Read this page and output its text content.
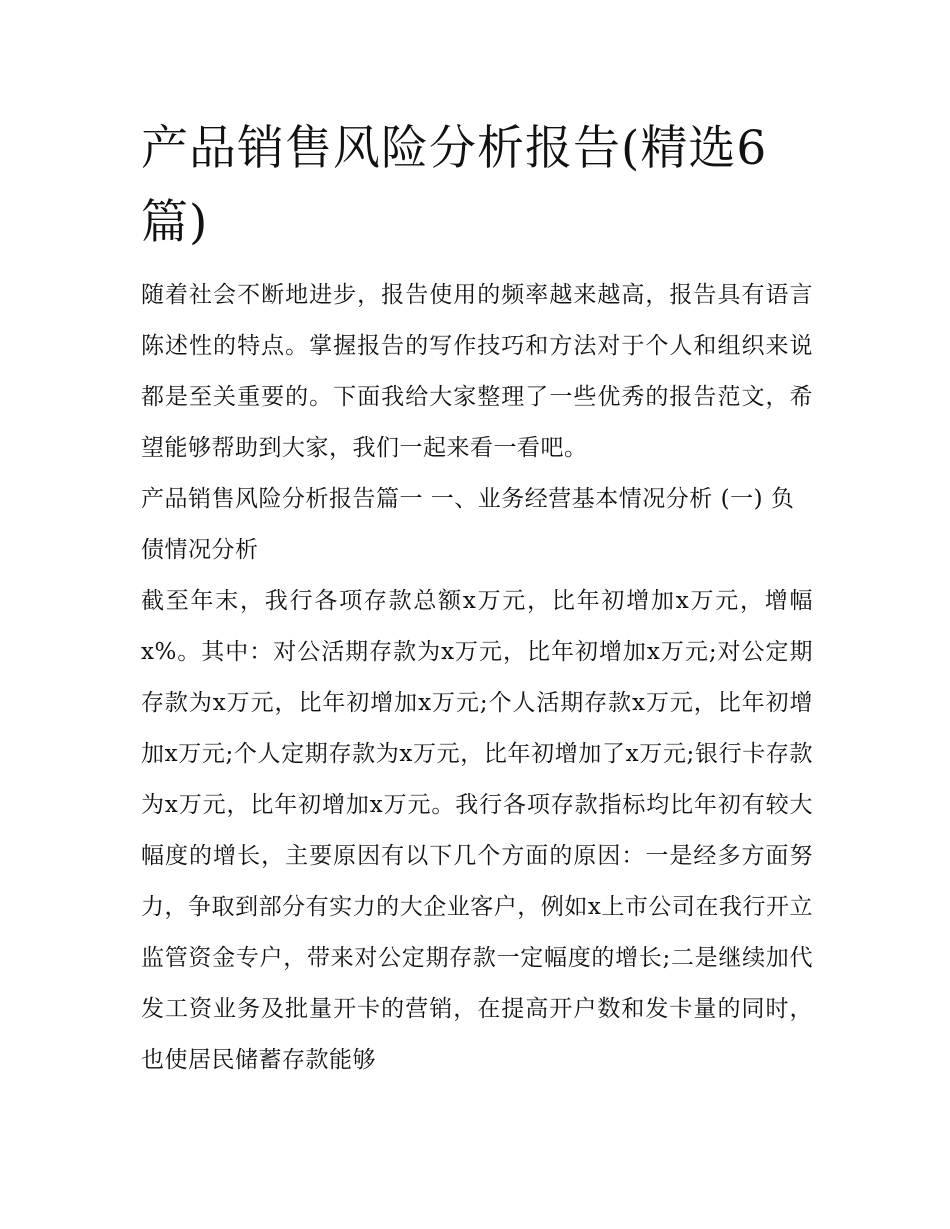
产品销售风险分析报告(精选6篇)

随着社会不断地进步，报告使用的频率越来越高，报告具有语言陈述性的特点。掌握报告的写作技巧和方法对于个人和组织来说都是至关重要的。下面我给大家整理了一些优秀的报告范文，希望能够帮助到大家，我们一起来看一看吧。

产品销售风险分析报告篇一 一、业务经营基本情况分析 (一) 负债情况分析

截至年末，我行各项存款总额x万元，比年初增加x万元，增幅x%。其中：对公活期存款为x万元，比年初增加x万元;对公定期存款为x万元，比年初增加x万元;个人活期存款x万元，比年初增加x万元;个人定期存款为x万元，比年初增加了x万元;银行卡存款为x万元，比年初增加x万元。我行各项存款指标均比年初有较大幅度的增长，主要原因有以下几个方面的原因：一是经多方面努力，争取到部分有实力的大企业客户，例如x上市公司在我行开立监管资金专户，带来对公定期存款一定幅度的增长;二是继续加代发工资业务及批量开卡的营销，在提高开户数和发卡量的同时，也使居民储蓄存款能够
